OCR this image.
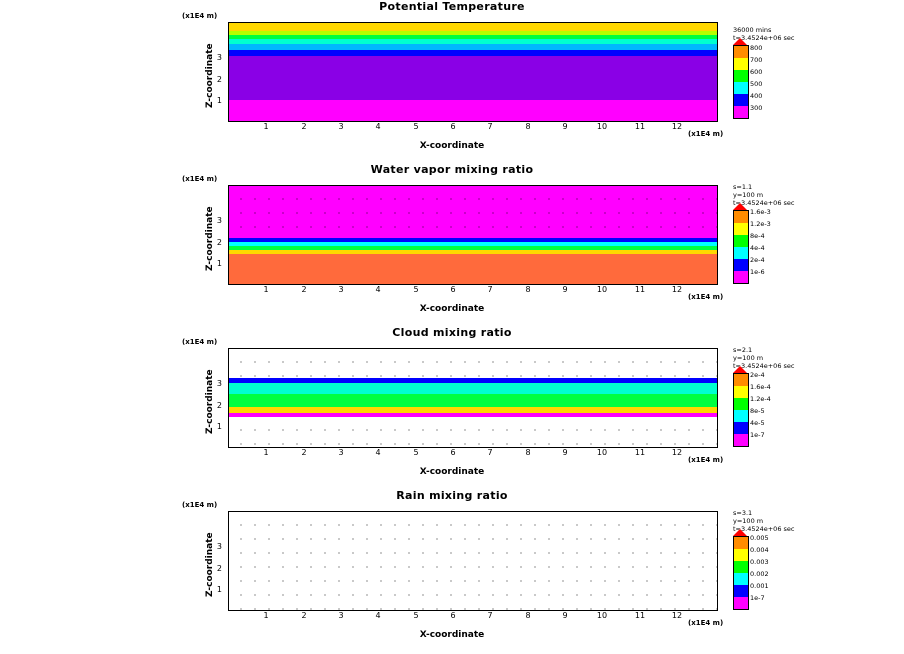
Potential Temperature
(x1E4 m)
Z-coordinate 3
2
1
1	2	3	4	5	6	7	8	9	10	11	12
(x1E4 m)
X-coordinate
36000 mins
t=3.4524e+06 sec
800
700
600
500
400
300
Water vapor mixing ratio
(x1E4 m)
Z-coordinate 3
2
1
1	2	3	4	5	6	7	8	9	10	11	12
(x1E4 m)
X-coordinate
s=1.1
y=100 m
t=3.4524e+06 sec
1.6e-3
1.2e-3
8e-4
4e-4
2e-4
1e-6
Cloud mixing ratio
(x1E4 m)
Z-coordinate 3
2
1
1	2	3	4	5	6	7	8	9	10	11	12
(x1E4 m)
X-coordinate
s=2.1
y=100 m
t=3.4524e+06 sec
2e-4
1.6e-4
1.2e-4
8e-5
4e-5
1e-7
Rain mixing ratio
(x1E4 m)
Z-coordinate 3
2
1
1	2	3	4	5	6	7	8	9	10	11	12
(x1E4 m)
X-coordinate
s=3.1
y=100 m
t=3.4524e+06 sec
0.005
0.004
0.003
0.002
0.001
1e-7
